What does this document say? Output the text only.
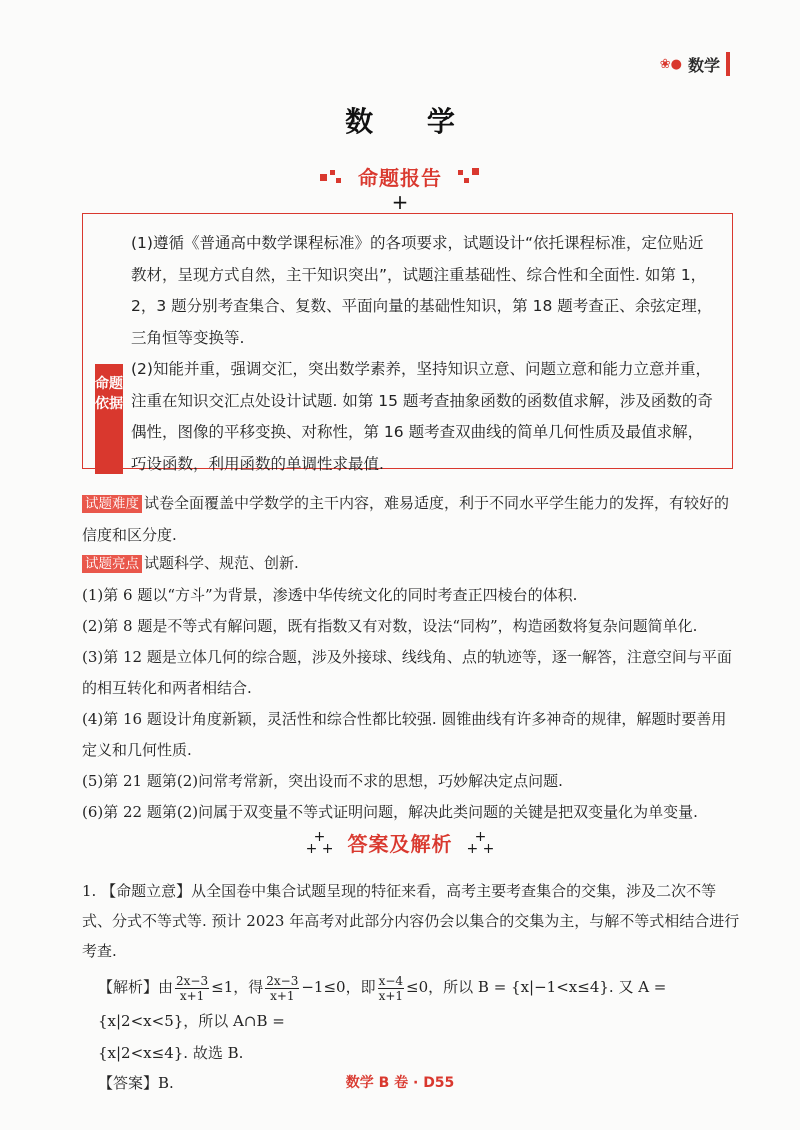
❀● 数学
数 学
命题报告
+
命题依据

(1)遵循《普通高中数学课程标准》的各项要求，试题设计“依托课程标准，定位贴近教材，呈现方式自然，主干知识突出”，试题注重基础性、综合性和全面性. 如第 1，2，3 题分别考查集合、复数、平面向量的基础性知识，第 18 题考查正、余弦定理，三角恒等变换等.

(2)知能并重，强调交汇，突出数学素养，坚持知识立意、问题立意和能力立意并重，注重在知识交汇点处设计试题. 如第 15 题考查抽象函数的函数值求解，涉及函数的奇偶性，图像的平移变换、对称性，第 16 题考查双曲线的简单几何性质及最值求解，巧设函数，利用函数的单调性求最值.

试题难度 试卷全面覆盖中学数学的主干内容，难易适度，利于不同水平学生能力的发挥，有较好的信度和区分度.

试题亮点 试题科学、规范、创新.

(1)第 6 题以“方斗”为背景，渗透中华传统文化的同时考查正四棱台的体积.

(2)第 8 题是不等式有解问题，既有指数又有对数，设法“同构”，构造函数将复杂问题简单化.

(3)第 12 题是立体几何的综合题，涉及外接球、线线角、点的轨迹等，逐一解答，注意空间与平面的相互转化和两者相结合.

(4)第 16 题设计角度新颖，灵活性和综合性都比较强. 圆锥曲线有许多神奇的规律，解题时要善用定义和几何性质.

(5)第 21 题第(2)问常考常新，突出设而不求的思想，巧妙解决定点问题.

(6)第 22 题第(2)问属于双变量不等式证明问题，解决此类问题的关键是把双变量化为单变量.

+
+ + 答案及解析	+
+ +

1. 【命题立意】从全国卷中集合试题呈现的特征来看，高考主要考查集合的交集，涉及二次不等式、分式不等式等. 预计 2023 年高考对此部分内容仍会以集合的交集为主，与解不等式相结合进行考查.

【解析】由 $\frac{2x-3}{x+1} \le 1$，得 $\frac{2x-3}{x+1} -1\le 0$，即 $\frac{x-4}{x+1} \le 0$，所以 B = {x|−1<x≤4}. 又 A = {x|2<x<5}，所以 A∩B =

{x|2<x≤4}. 故选 B.

【答案】B.	数学 B 卷 · D55
